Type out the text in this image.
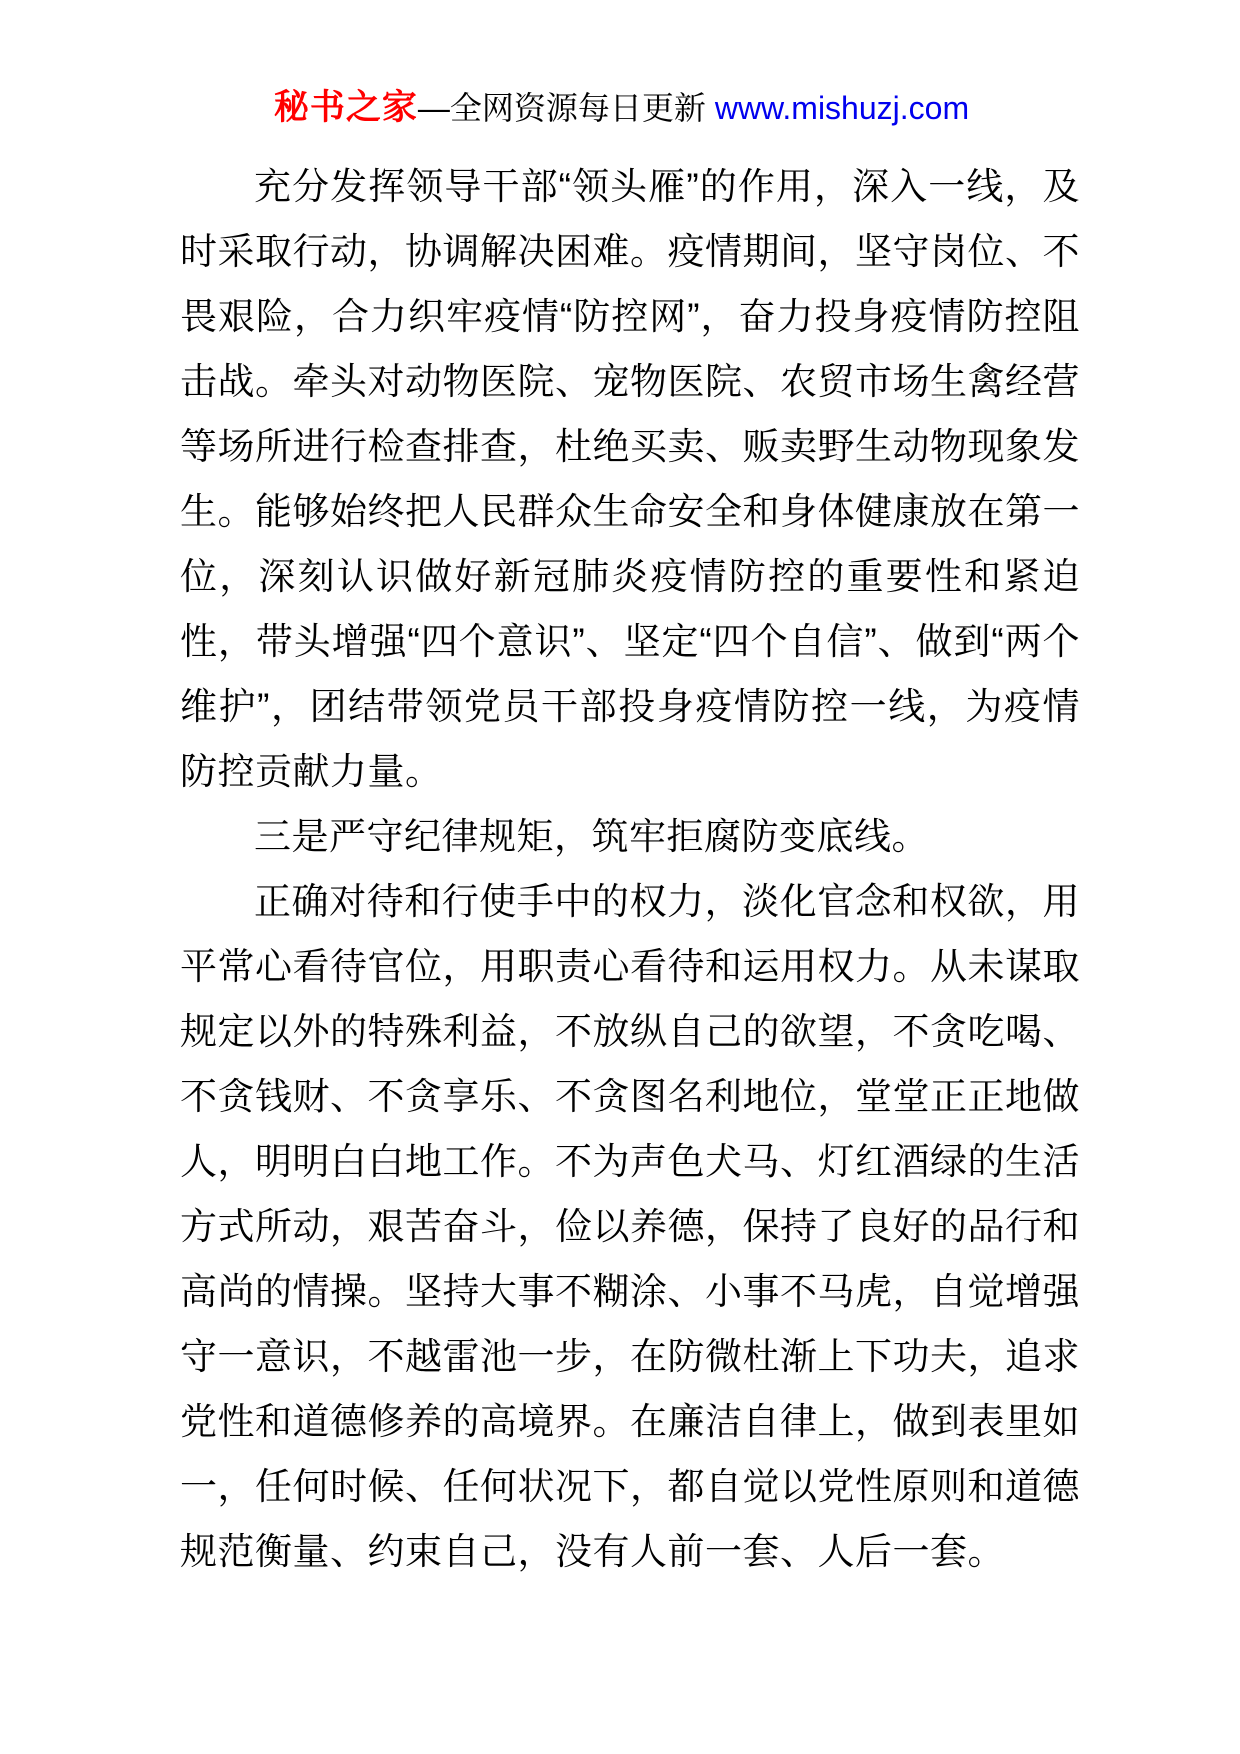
秘书之家—全网资源每日更新 www.mishuzj.com

充分发挥领导干部“领头雁”的作用，深入一线，及时采取行动，协调解决困难。疫情期间，坚守岗位、不畏艰险，合力织牢疫情“防控网”，奋力投身疫情防控阻击战。牵头对动物医院、宠物医院、农贸市场生禽经营等场所进行检查排查，杜绝买卖、贩卖野生动物现象发生。能够始终把人民群众生命安全和身体健康放在第一位，深刻认识做好新冠肺炎疫情防控的重要性和紧迫性，带头增强“四个意识”、坚定“四个自信”、做到“两个维护”，团结带领党员干部投身疫情防控一线，为疫情防控贡献力量。

三是严守纪律规矩，筑牢拒腐防变底线。

正确对待和行使手中的权力，淡化官念和权欲，用平常心看待官位，用职责心看待和运用权力。从未谋取规定以外的特殊利益，不放纵自己的欲望，不贪吃喝、不贪钱财、不贪享乐、不贪图名利地位，堂堂正正地做人，明明白白地工作。不为声色犬马、灯红酒绿的生活方式所动，艰苦奋斗，俭以养德，保持了良好的品行和高尚的情操。坚持大事不糊涂、小事不马虎，自觉增强守一意识，不越雷池一步，在防微杜渐上下功夫，追求党性和道德修养的高境界。在廉洁自律上，做到表里如一，任何时候、任何状况下，都自觉以党性原则和道德规范衡量、约束自己，没有人前一套、人后一套。
